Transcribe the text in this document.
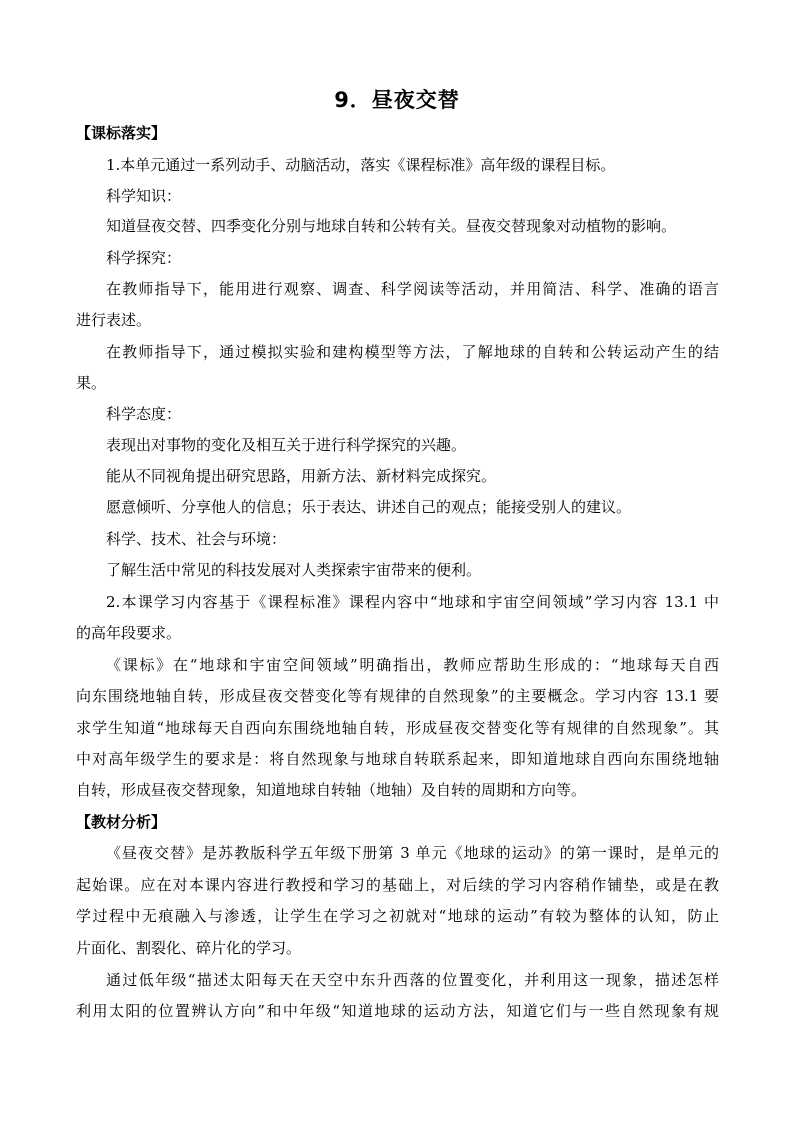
9．昼夜交替
【课标落实】
1.本单元通过一系列动手、动脑活动，落实《课程标准》高年级的课程目标。
科学知识：
知道昼夜交替、四季变化分别与地球自转和公转有关。昼夜交替现象对动植物的影响。
科学探究：
在教师指导下，能用进行观察、调查、科学阅读等活动，并用简洁、科学、准确的语言
进行表述。
在教师指导下，通过模拟实验和建构模型等方法，了解地球的自转和公转运动产生的结
果。
科学态度：
表现出对事物的变化及相互关于进行科学探究的兴趣。
能从不同视角提出研究思路，用新方法、新材料完成探究。
愿意倾听、分享他人的信息；乐于表达、讲述自己的观点；能接受别人的建议。
科学、技术、社会与环境：
了解生活中常见的科技发展对人类探索宇宙带来的便利。
2.本课学习内容基于《课程标准》课程内容中“地球和宇宙空间领域”学习内容 13.1 中
的高年段要求。
《课标》在“地球和宇宙空间领域”明确指出，教师应帮助生形成的：“地球每天自西
向东围绕地轴自转，形成昼夜交替变化等有规律的自然现象”的主要概念。学习内容 13.1 要
求学生知道“地球每天自西向东围绕地轴自转，形成昼夜交替变化等有规律的自然现象”。其
中对高年级学生的要求是：将自然现象与地球自转联系起来，即知道地球自西向东围绕地轴
自转，形成昼夜交替现象，知道地球自转轴（地轴）及自转的周期和方向等。
【教材分析】
《昼夜交替》是苏教版科学五年级下册第 3 单元《地球的运动》的第一课时，是单元的
起始课。应在对本课内容进行教授和学习的基础上，对后续的学习内容稍作铺垫，或是在教
学过程中无痕融入与渗透，让学生在学习之初就对“地球的运动”有较为整体的认知，防止
片面化、割裂化、碎片化的学习。
通过低年级“描述太阳每天在天空中东升西落的位置变化，并利用这一现象，描述怎样
利用太阳的位置辨认方向”和中年级“知道地球的运动方法，知道它们与一些自然现象有规
